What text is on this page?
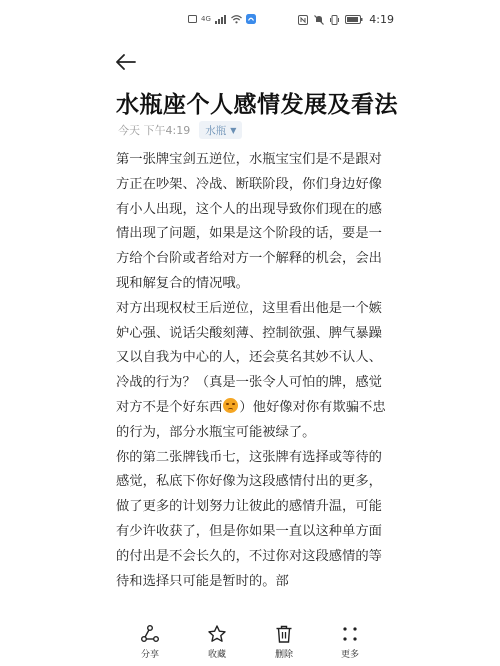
4G	4:19
水瓶座个人感情发展及看法
今天 下午4:19 水瓶 ▼
第一张牌宝剑五逆位，水瓶宝宝们是不是跟对方正在吵架、冷战、断联阶段，你们身边好像有小人出现，这个人的出现导致你们现在的感情出现了问题，如果是这个阶段的话，要是一方给个台阶或者给对方一个解释的机会，会出现和解复合的情况哦。
对方出现权杖王后逆位，这里看出他是一个嫉妒心强、说话尖酸刻薄、控制欲强、脾气暴躁又以自我为中心的人，还会莫名其妙不认人、冷战的行为？（真是一张令人可怕的牌，感觉对方不是个好东西 ）他好像对你有欺骗不忠的行为，部分水瓶宝可能被绿了。
你的第二张牌钱币七，这张牌有选择或等待的感觉，私底下你好像为这段感情付出的更多，做了更多的计划努力让彼此的感情升温，可能有少许收获了，但是你如果一直以这种单方面的付出是不会长久的，不过你对这段感情的等待和选择只可能是暂时的。部
分享	收藏	删除	更多
